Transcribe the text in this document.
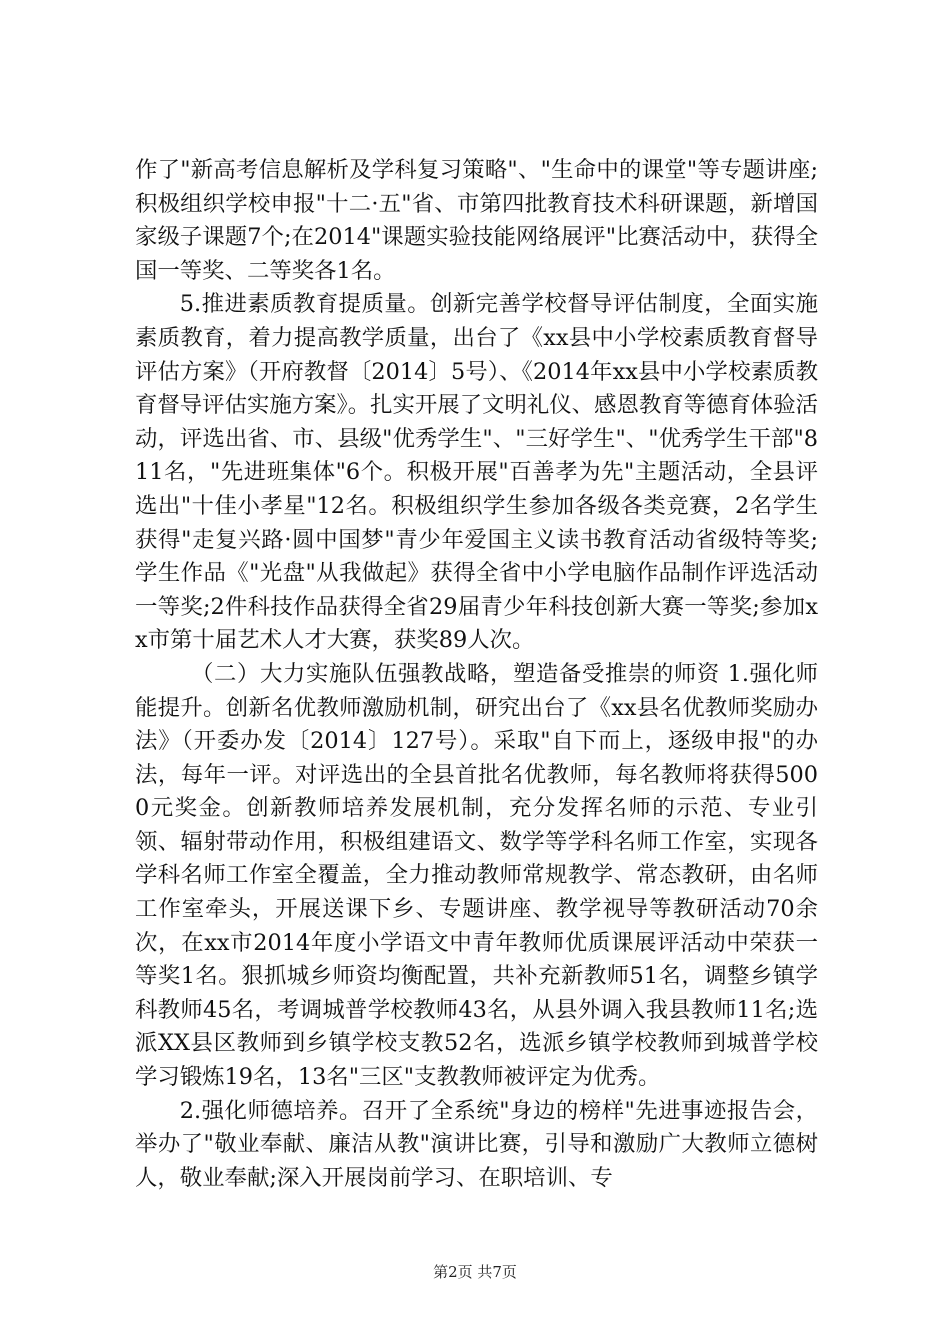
作了"新高考信息解析及学科复习策略"、"生命中的课堂"等专题讲座;积极组织学校申报"十二·五"省、市第四批教育技术科研课题，新增国家级子课题7个;在2014"课题实验技能网络展评"比赛活动中，获得全国一等奖、二等奖各1名。

5.推进素质教育提质量。创新完善学校督导评估制度，全面实施素质教育，着力提高教学质量，出台了《xx县中小学校素质教育督导评估方案》（开府教督〔2014〕5号）、《2014年xx县中小学校素质教育督导评估实施方案》。扎实开展了文明礼仪、感恩教育等德育体验活动，评选出省、市、县级"优秀学生"、"三好学生"、"优秀学生干部"811名，"先进班集体"6个。积极开展"百善孝为先"主题活动，全县评选出"十佳小孝星"12名。积极组织学生参加各级各类竞赛，2名学生获得"走复兴路·圆中国梦"青少年爱国主义读书教育活动省级特等奖;学生作品《"光盘"从我做起》获得全省中小学电脑作品制作评选活动一等奖;2件科技作品获得全省29届青少年科技创新大赛一等奖;参加xx市第十届艺术人才大赛，获奖89人次。

（二）大力实施队伍强教战略，塑造备受推崇的师资 1.强化师能提升。创新名优教师激励机制，研究出台了《xx县名优教师奖励办法》（开委办发〔2014〕127号）。采取"自下而上，逐级申报"的办法，每年一评。对评选出的全县首批名优教师，每名教师将获得5000元奖金。创新教师培养发展机制，充分发挥名师的示范、专业引领、辐射带动作用，积极组建语文、数学等学科名师工作室，实现各学科名师工作室全覆盖，全力推动教师常规教学、常态教研，由名师工作室牵头，开展送课下乡、专题讲座、教学视导等教研活动70余次，在xx市2014年度小学语文中青年教师优质课展评活动中荣获一等奖1名。狠抓城乡师资均衡配置，共补充新教师51名，调整乡镇学科教师45名，考调城普学校教师43名，从县外调入我县教师11名;选派XX县区教师到乡镇学校支教52名，选派乡镇学校教师到城普学校学习锻炼19名，13名"三区"支教教师被评定为优秀。

2.强化师德培养。召开了全系统"身边的榜样"先进事迹报告会，举办了"敬业奉献、廉洁从教"演讲比赛，引导和激励广大教师立德树人，敬业奉献;深入开展岗前学习、在职培训、专

第2页 共7页
